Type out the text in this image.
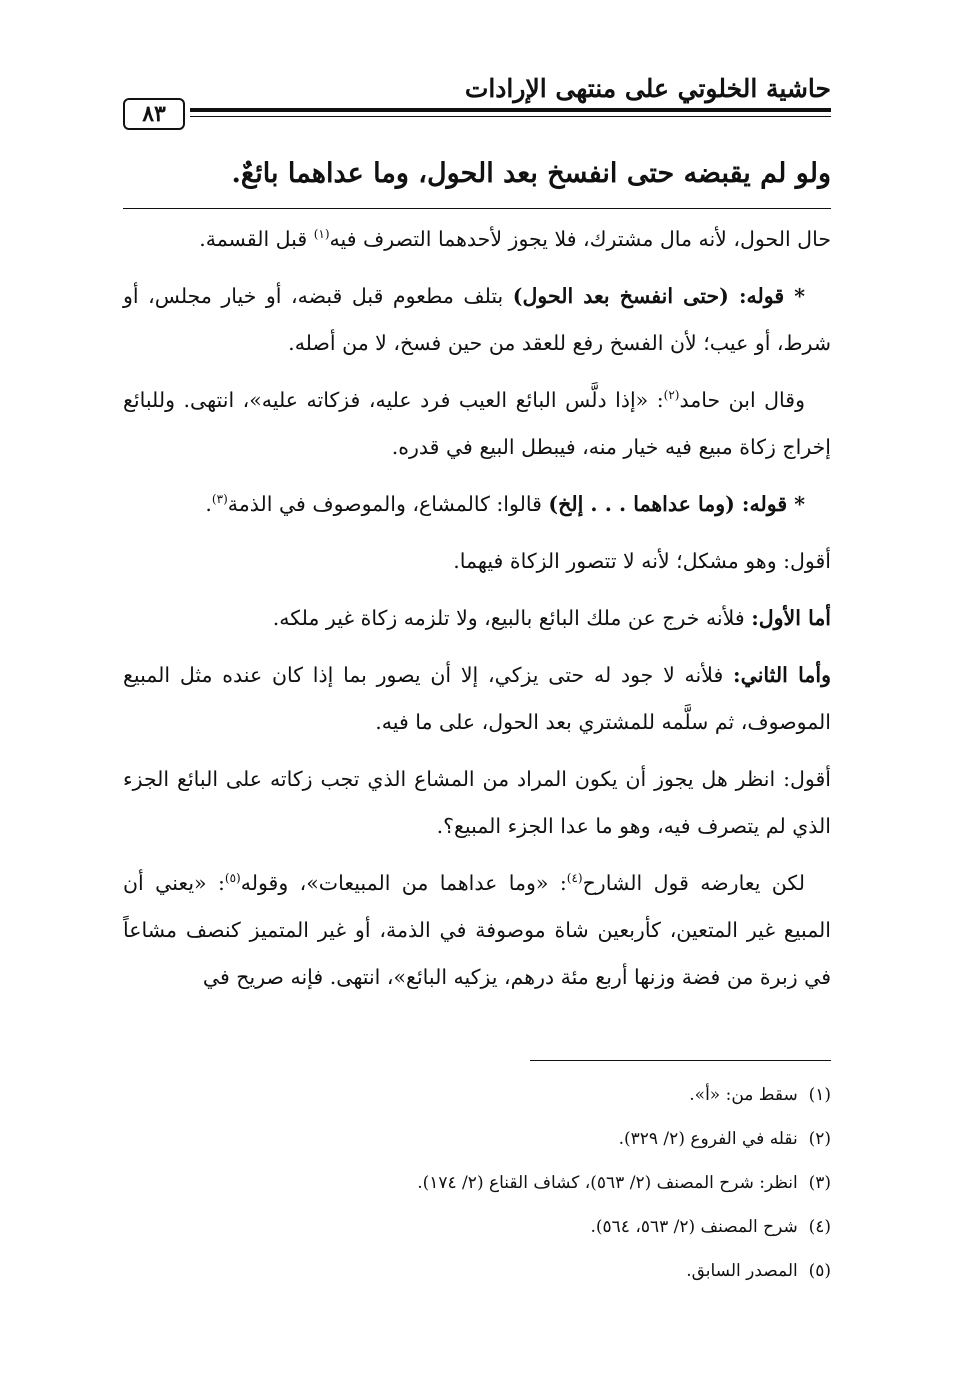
حاشية الخلوتي على منتهى الإرادات
٨٣
ولو لم يقبضه حتى انفسخ بعد الحول، وما عداهما بائعٌ.

حال الحول، لأنه مال مشترك، فلا يجوز لأحدهما التصرف فيه$^{(١)}$ قبل القسمة.

* قوله: (حتى انفسخ بعد الحول) بتلف مطعوم قبل قبضه، أو خيار مجلس، أو شرط، أو عيب؛ لأن الفسخ رفع للعقد من حين فسخ، لا من أصله.

وقال ابن حامد$^{(٢)}$: «إذا دلَّس البائع العيب فرد عليه، فزكاته عليه»، انتهى. وللبائع إخراج زكاة مبيع فيه خيار منه، فيبطل البيع في قدره.

* قوله: (وما عداهما . . . إلخ) قالوا: كالمشاع، والموصوف في الذمة$^{(٣)}$.

أقول: وهو مشكل؛ لأنه لا تتصور الزكاة فيهما.

أما الأول: فلأنه خرج عن ملك البائع بالبيع، ولا تلزمه زكاة غير ملكه.

وأما الثاني: فلأنه لا جود له حتى يزكي، إلا أن يصور بما إذا كان عنده مثل المبيع الموصوف، ثم سلَّمه للمشتري بعد الحول، على ما فيه.

أقول: انظر هل يجوز أن يكون المراد من المشاع الذي تجب زكاته على البائع الجزء الذي لم يتصرف فيه، وهو ما عدا الجزء المبيع؟.

لكن يعارضه قول الشارح$^{(٤)}$: «وما عداهما من المبيعات»، وقوله$^{(٥)}$: «يعني أن المبيع غير المتعين، كأربعين شاة موصوفة في الذمة، أو غير المتميز كنصف مشاعاً في زبرة من فضة وزنها أربع مئة درهم، يزكيه البائع»، انتهى. فإنه صريح في

(١)  سقط من: «أ».
(٢)  نقله في الفروع (٢/ ٣٢٩).
(٣)  انظر: شرح المصنف (٢/ ٥٦٣)، كشاف القناع (٢/ ١٧٤).
(٤)  شرح المصنف (٢/ ٥٦٣، ٥٦٤).
(٥)  المصدر السابق.
